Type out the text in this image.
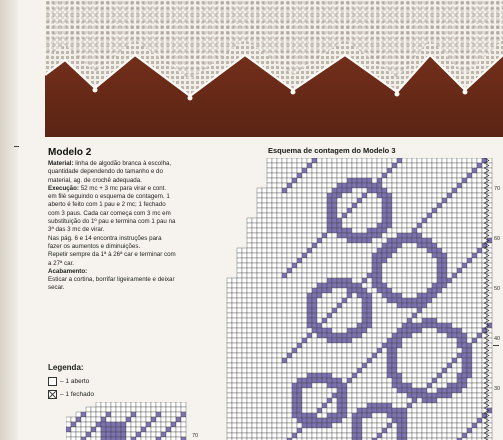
Modelo 2

Material: linha de algodão branca à escolha, quantidade dependendo do tamanho e do material, ag. de crochê adequada.

Execução: 52 mc + 3 mc para virar e cont. em filé seguindo o esquema de contagem. 1 aberto é feito com 1 pau e 2 mc; 1 fechado com 3 paus. Cada car começa com 3 mc em substituição do 1º pau e termina com 1 pau na 3ª das 3 mc de virar.

Nas pág. 6 e 14 encontra instruções para fazer os aumentos e diminuições.

Repetir sempre da 1ª à 26ª car e terminar com a 27ª car.

Acabamento:

Esticar a cortina, borrifar ligeiramente e deixar secar.

Legenda:
– 1 aberto
– 1 fechado
Esquema de contagem do Modelo 3
70
60
50
40
30
70
